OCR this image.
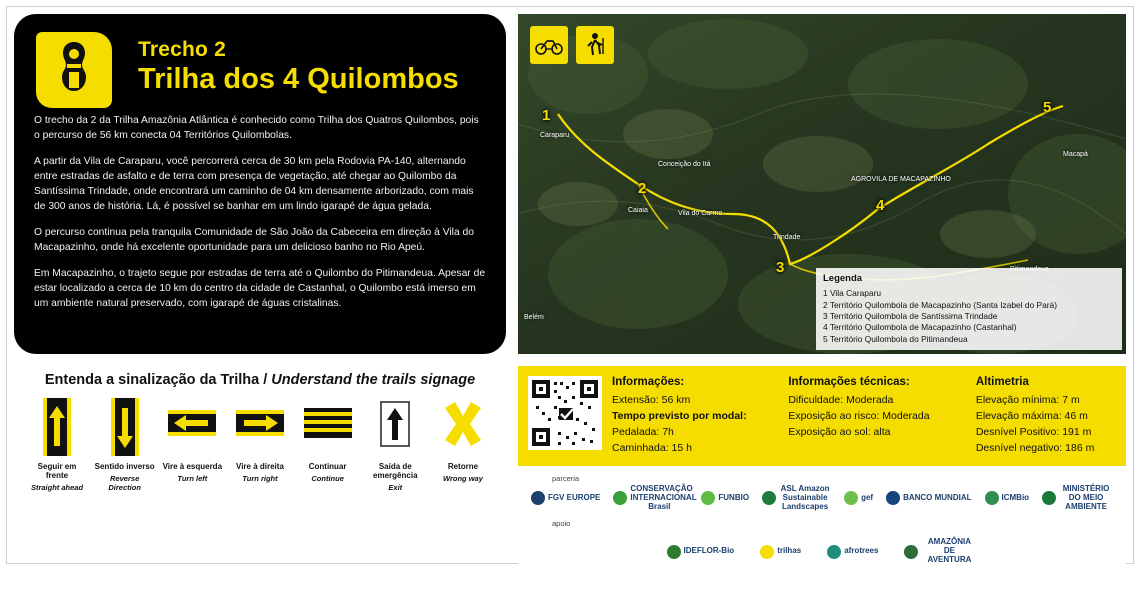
Trecho 2
Trilha dos 4 Quilombos

O trecho da 2 da Trilha Amazônia Atlântica é conhecido como Trilha dos Quatros Quilombos, pois o percurso de 56 km conecta 04 Territórios Quilombolas.

A partir da Vila de Caraparu, você percorrerá cerca de 30 km pela Rodovia PA-140, alternando entre estradas de asfalto e de terra com presença de vegetação, até chegar ao Quilombo da Santíssima Trindade, onde encontrará um caminho de 04 km densamente arborizado, com mais de 300 anos de história. Lá, é possível se banhar em um lindo igarapé de água gelada.

O percurso continua pela tranquila Comunidade de São João da Cabeceira em direção à Vila do Macapazinho, onde há excelente oportunidade para um delicioso banho no Rio Apeú.

Em Macapazinho, o trajeto segue por estradas de terra até o Quilombo do Pitimandeua. Apesar de estar localizado a cerca de 10 km do centro da cidade de Castanhal, o Quilombo está imerso em um ambiente natural preservado, com igarapé de águas cristalinas.

Entenda a sinalização da Trilha / Understand the trails signage
Seguir em frente
Straight ahead
Sentido inverso
Reverse Direction
Vire à esquerda
Turn left
Vire à direita
Turn right
Continuar
Continue
Saída de emergência
Exit
Retorne
Wrong way
1
2
3
4
5
Caraparu
Conceição do Itá
Caiaia	Vila do Carmo
Trindade
AGROVILA DE MACAPAZINHO
Macapá
Belém
Legenda
1 Vila Caraparu
2 Território Quilombola de Macapazinho (Santa Izabel do Pará)
3 Território Quilombola de Santíssima Trindade
4 Território Quilombola de Macapazinho (Castanhal)
5 Território Quilombola do Pitimandeua
Informações:
Extensão: 56 km
Tempo previsto por modal:
Pedalada: 7h
Caminhada: 15 h
Informações técnicas:
Dificuldade: Moderada
Exposição ao risco: Moderada
Exposição ao sol: alta
Altimetria
Elevação mínima: 7 m
Elevação máxima: 46 m
Desnível Positivo: 191 m
Desnível negativo: 186 m
parceria
FGV EUROPE
CONSERVAÇÃO INTERNACIONAL Brasil
FUNBIO
ASL Amazon Sustainable Landscapes
gef	BANCO MUNDIAL	ICMBio
MINISTÉRIO DO MEIO AMBIENTE
apoio
IDEFLOR-Bio	trilhas	afrotrees
AMAZÔNIA DE AVENTURA
